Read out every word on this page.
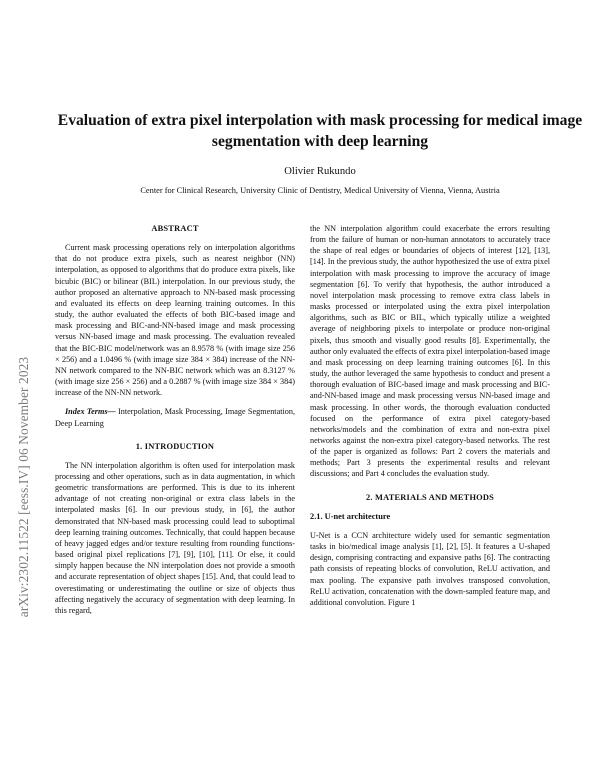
arXiv:2302.11522 [eess.IV] 06 November 2023
Evaluation of extra pixel interpolation with mask processing for medical image segmentation with deep learning
Olivier Rukundo
Center for Clinical Research, University Clinic of Dentistry, Medical University of Vienna, Vienna, Austria
ABSTRACT

Current mask processing operations rely on interpolation algorithms that do not produce extra pixels, such as nearest neighbor (NN) interpolation, as opposed to algorithms that do produce extra pixels, like bicubic (BIC) or bilinear (BIL) interpolation. In our previous study, the author proposed an alternative approach to NN-based mask processing and evaluated its effects on deep learning training outcomes. In this study, the author evaluated the effects of both BIC-based image and mask processing and BIC-and-NN-based image and mask processing versus NN-based image and mask processing. The evaluation revealed that the BIC-BIC model/network was an 8.9578 % (with image size 256 × 256) and a 1.0496 % (with image size 384 × 384) increase of the NN-NN network compared to the NN-BIC network which was an 8.3127 % (with image size 256 × 256) and a 0.2887 % (with image size 384 × 384) increase of the NN-NN network.

Index Terms— Interpolation, Mask Processing, Image Segmentation, Deep Learning

1. INTRODUCTION

The NN interpolation algorithm is often used for interpolation mask processing and other operations, such as in data augmentation, in which geometric transformations are performed. This is due to its inherent advantage of not creating non-original or extra class labels in the interpolated masks [6]. In our previous study, in [6], the author demonstrated that NN-based mask processing could lead to suboptimal deep learning training outcomes. Technically, that could happen because of heavy jagged edges and/or texture resulting from rounding functions-based original pixel replications [7], [9], [10], [11]. Or else, it could simply happen because the NN interpolation does not provide a smooth and accurate representation of object shapes [15]. And, that could lead to overestimating or underestimating the outline or size of objects thus affecting negatively the accuracy of segmentation with deep learning. In this regard,

the NN interpolation algorithm could exacerbate the errors resulting from the failure of human or non-human annotators to accurately trace the shape of real edges or boundaries of objects of interest [12], [13], [14]. In the previous study, the author hypothesized the use of extra pixel interpolation with mask processing to improve the accuracy of image segmentation [6]. To verify that hypothesis, the author introduced a novel interpolation mask processing to remove extra class labels in masks processed or interpolated using the extra pixel interpolation algorithms, such as BIC or BIL, which typically utilize a weighted average of neighboring pixels to interpolate or produce non-original pixels, thus smooth and visually good results [8]. Experimentally, the author only evaluated the effects of extra pixel interpolation-based image and mask processing on deep learning training outcomes [6]. In this study, the author leveraged the same hypothesis to conduct and present a thorough evaluation of BIC-based image and mask processing and BIC-and-NN-based image and mask processing versus NN-based image and mask processing. In other words, the thorough evaluation conducted focused on the performance of extra pixel category-based networks/models and the combination of extra and non-extra pixel networks against the non-extra pixel category-based networks. The rest of the paper is organized as follows: Part 2 covers the materials and methods; Part 3 presents the experimental results and relevant discussions; and Part 4 concludes the evaluation study.

2. MATERIALS AND METHODS
2.1. U-net architecture

U-Net is a CCN architecture widely used for semantic segmentation tasks in bio/medical image analysis [1], [2], [5]. It features a U-shaped design, comprising contracting and expansive paths [6]. The contracting path consists of repeating blocks of convolution, ReLU activation, and max pooling. The expansive path involves transposed convolution, ReLU activation, concatenation with the down-sampled feature map, and additional convolution. Figure 1
